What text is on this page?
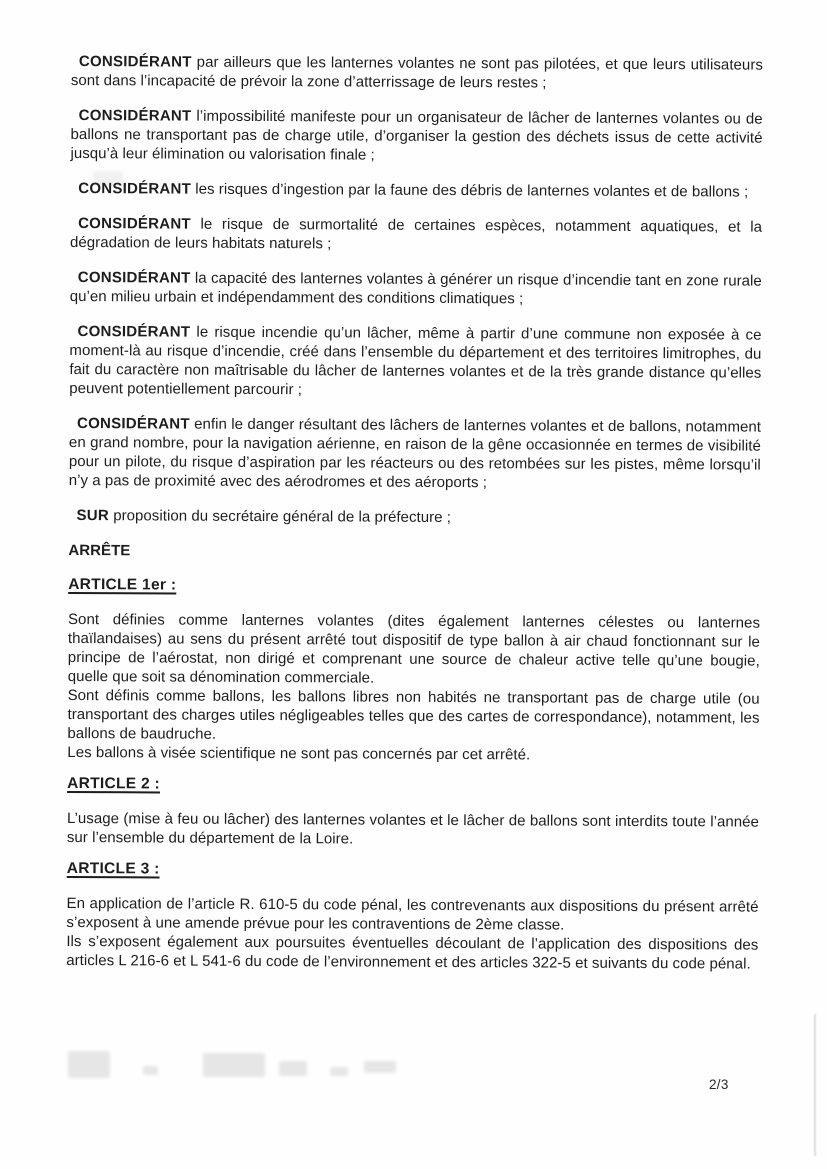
CONSIDÉRANT par ailleurs que les lanternes volantes ne sont pas pilotées, et que leurs utilisateurs sont dans l’incapacité de prévoir la zone d’atterrissage de leurs restes ;

CONSIDÉRANT l’impossibilité manifeste pour un organisateur de lâcher de lanternes volantes ou de ballons ne transportant pas de charge utile, d’organiser la gestion des déchets issus de cette activité jusqu’à leur élimination ou valorisation finale ;

CONSIDÉRANT les risques d’ingestion par la faune des débris de lanternes volantes et de ballons ;

CONSIDÉRANT le risque de surmortalité de certaines espèces, notamment aquatiques, et la dégradation de leurs habitats naturels ;

CONSIDÉRANT la capacité des lanternes volantes à générer un risque d’incendie tant en zone rurale qu’en milieu urbain et indépendamment des conditions climatiques ;

CONSIDÉRANT le risque incendie qu’un lâcher, même à partir d’une commune non exposée à ce moment-là au risque d’incendie, créé dans l’ensemble du département et des territoires limitrophes, du fait du caractère non maîtrisable du lâcher de lanternes volantes et de la très grande distance qu’elles peuvent potentiellement parcourir ;

CONSIDÉRANT enfin le danger résultant des lâchers de lanternes volantes et de ballons, notamment en grand nombre, pour la navigation aérienne, en raison de la gêne occasionnée en termes de visibilité pour un pilote, du risque d’aspiration par les réacteurs ou des retombées sur les pistes, même lorsqu’il n’y a pas de proximité avec des aérodromes et des aéroports ;

SUR proposition du secrétaire général de la préfecture ;

ARRÊTE

ARTICLE 1er :

Sont définies comme lanternes volantes (dites également lanternes célestes ou lanternes thaïlandaises) au sens du présent arrêté tout dispositif de type ballon à air chaud fonctionnant sur le principe de l’aérostat, non dirigé et comprenant une source de chaleur active telle qu’une bougie, quelle que soit sa dénomination commerciale.

Sont définis comme ballons, les ballons libres non habités ne transportant pas de charge utile (ou transportant des charges utiles négligeables telles que des cartes de correspondance), notamment, les ballons de baudruche.

Les ballons à visée scientifique ne sont pas concernés par cet arrêté.

ARTICLE 2 :

L’usage (mise à feu ou lâcher) des lanternes volantes et le lâcher de ballons sont interdits toute l’année sur l’ensemble du département de la Loire.

ARTICLE 3 :

En application de l’article R. 610-5 du code pénal, les contrevenants aux dispositions du présent arrêté s’exposent à une amende prévue pour les contraventions de 2ème classe.

Ils s’exposent également aux poursuites éventuelles découlant de l’application des dispositions des articles L 216-6 et L 541-6 du code de l’environnement et des articles 322-5 et suivants du code pénal.

2/3
